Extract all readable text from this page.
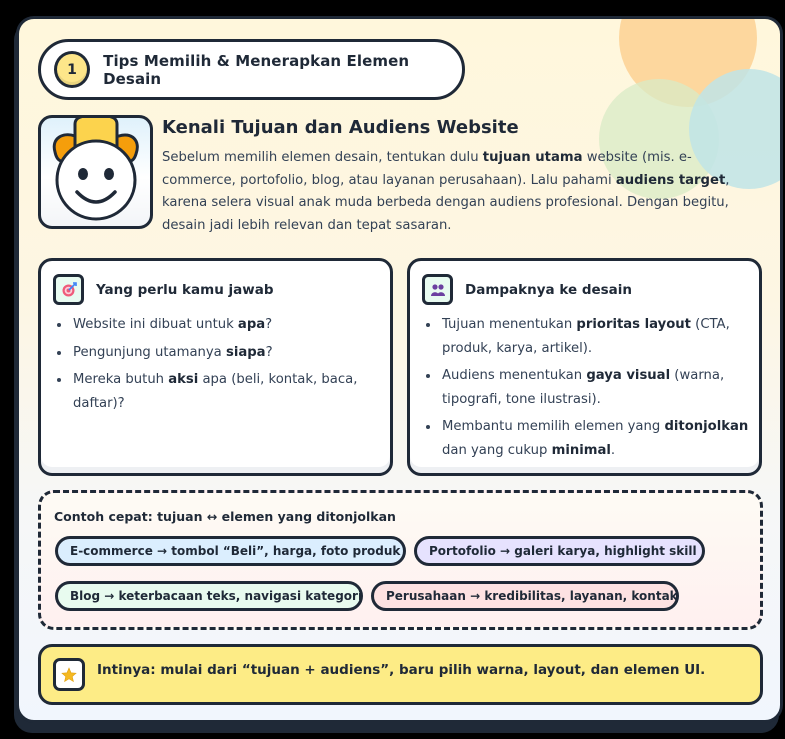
1	Tips Memilih & Menerapkan Elemen Desain
Kenali Tujuan dan Audiens Website
Sebelum memilih elemen desain, tentukan dulu tujuan utama website (mis. e-commerce, portofolio, blog, atau layanan perusahaan). Lalu pahami audiens target, karena selera visual anak muda berbeda dengan audiens profesional. Dengan begitu, desain jadi lebih relevan dan tepat sasaran.
Yang perlu kamu jawab
• Website ini dibuat untuk apa?
• Pengunjung utamanya siapa?
• Mereka butuh aksi apa (beli, kontak, baca, daftar)?
Dampaknya ke desain
• Tujuan menentukan prioritas layout (CTA, produk, karya, artikel).
• Audiens menentukan gaya visual (warna, tipografi, tone ilustrasi).
• Membantu memilih elemen yang ditonjolkan dan yang cukup minimal.
Contoh cepat: tujuan ↔ elemen yang ditonjolkan
E-commerce → tombol “Beli”, harga, foto produk	Portofolio → galeri karya, highlight skill
Blog → keterbacaan teks, navigasi kategori	Perusahaan → kredibilitas, layanan, kontak
Intinya: mulai dari “tujuan + audiens”, baru pilih warna, layout, dan elemen UI.
